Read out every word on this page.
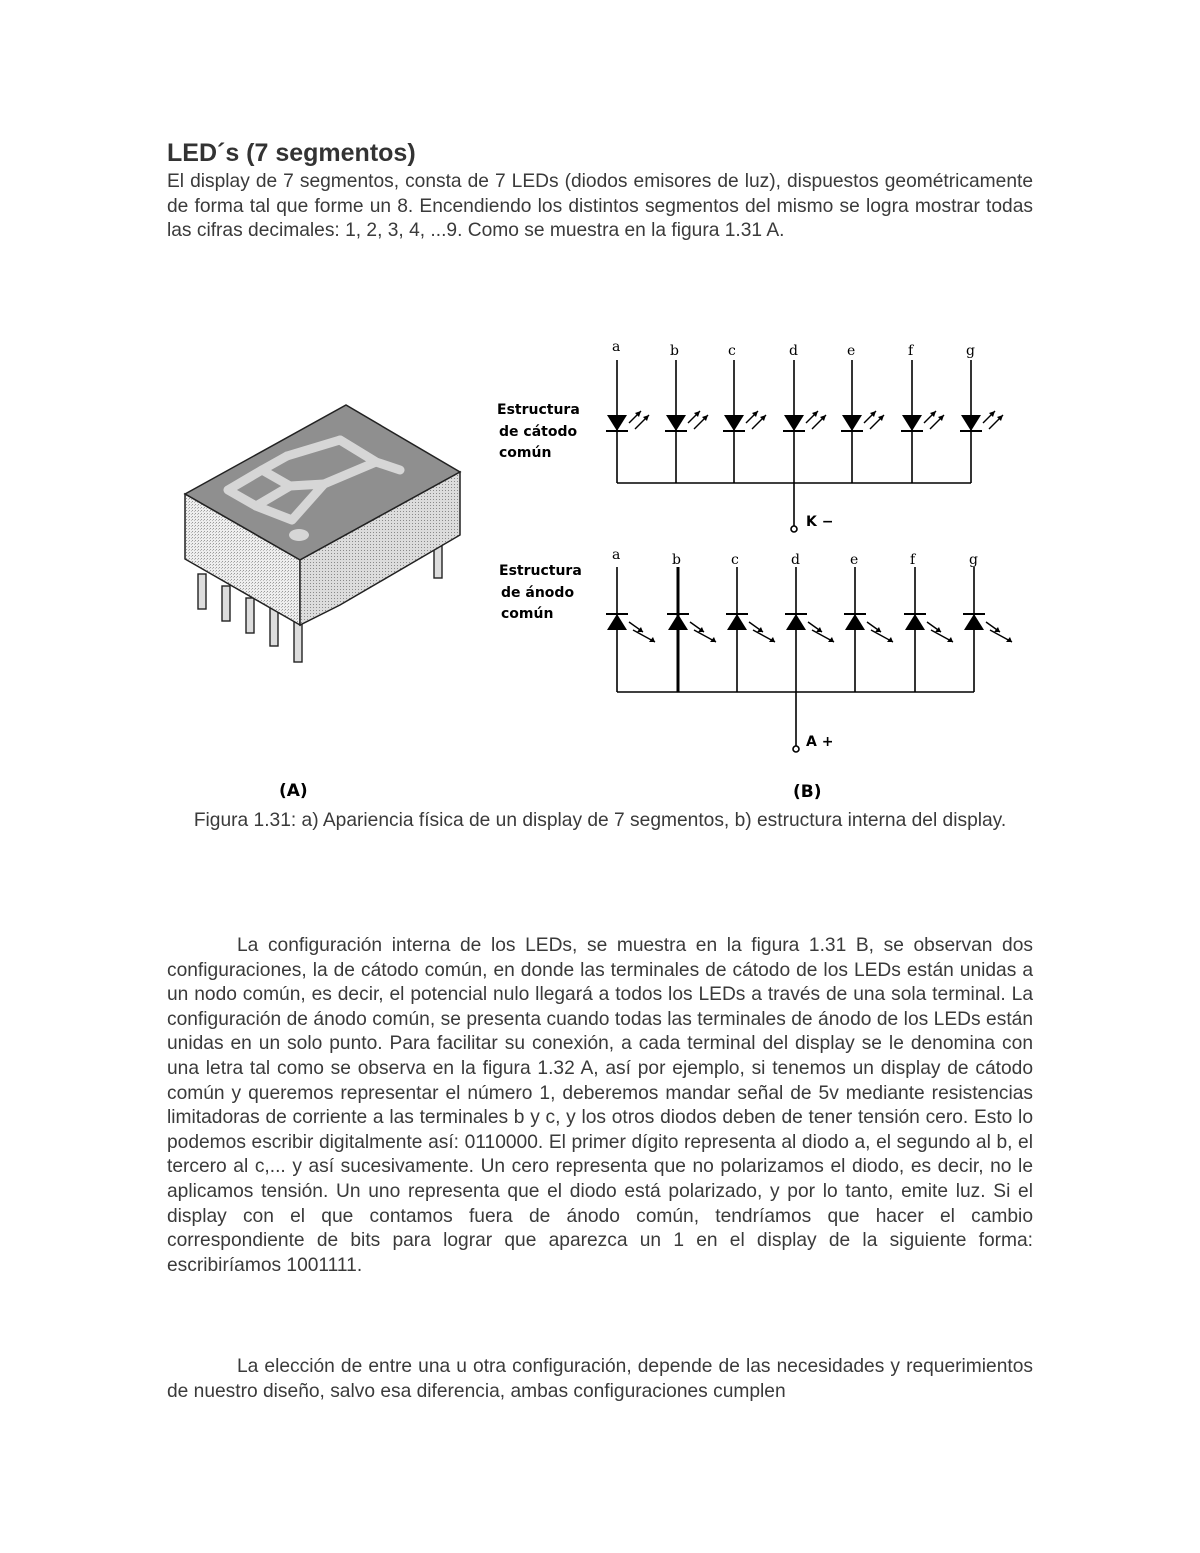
LED´s (7 segmentos)

El display de 7 segmentos, consta de 7 LEDs (diodos emisores de luz), dispuestos geométricamente de forma tal que forme un 8. Encendiendo los distintos segmentos del mismo se logra mostrar todas las cifras decimales: 1, 2, 3, 4, ...9. Como se muestra en la figura 1.31 A.

a	b	c	d	e	f	g
Estructura
de cátodo
común
K −
a	b	c	d	e	f	g
Estructura
de ánodo
común
A +
(A)	(B)
Figura 1.31: a) Apariencia física de un display de 7 segmentos, b) estructura interna del display.

La configuración interna de los LEDs, se muestra en la figura 1.31 B, se observan dos configuraciones, la de cátodo común, en donde las terminales de cátodo de los LEDs están unidas a un nodo común, es decir, el potencial nulo llegará a todos los LEDs a través de una sola terminal. La configuración de ánodo común, se presenta cuando todas las terminales de ánodo de los LEDs están unidas en un solo punto. Para facilitar su conexión, a cada terminal del display se le denomina con una letra tal como se observa en la figura 1.32 A, así por ejemplo, si tenemos un display de cátodo común y queremos representar el número 1, deberemos mandar señal de 5v mediante resistencias limitadoras de corriente a las terminales b y c, y los otros diodos deben de tener tensión cero. Esto lo podemos escribir digitalmente así: 0110000. El primer dígito representa al diodo a, el segundo al b, el tercero al c,... y así sucesivamente. Un cero representa que no polarizamos el diodo, es decir, no le aplicamos tensión. Un uno representa que el diodo está polarizado, y por lo tanto, emite luz. Si el display con el que contamos fuera de ánodo común, tendríamos que hacer el cambio correspondiente de bits para lograr que aparezca un 1 en el display de la siguiente forma: escribiríamos 1001111.

La elección de entre una u otra configuración, depende de las necesidades y requerimientos de nuestro diseño, salvo esa diferencia, ambas configuraciones cumplen
